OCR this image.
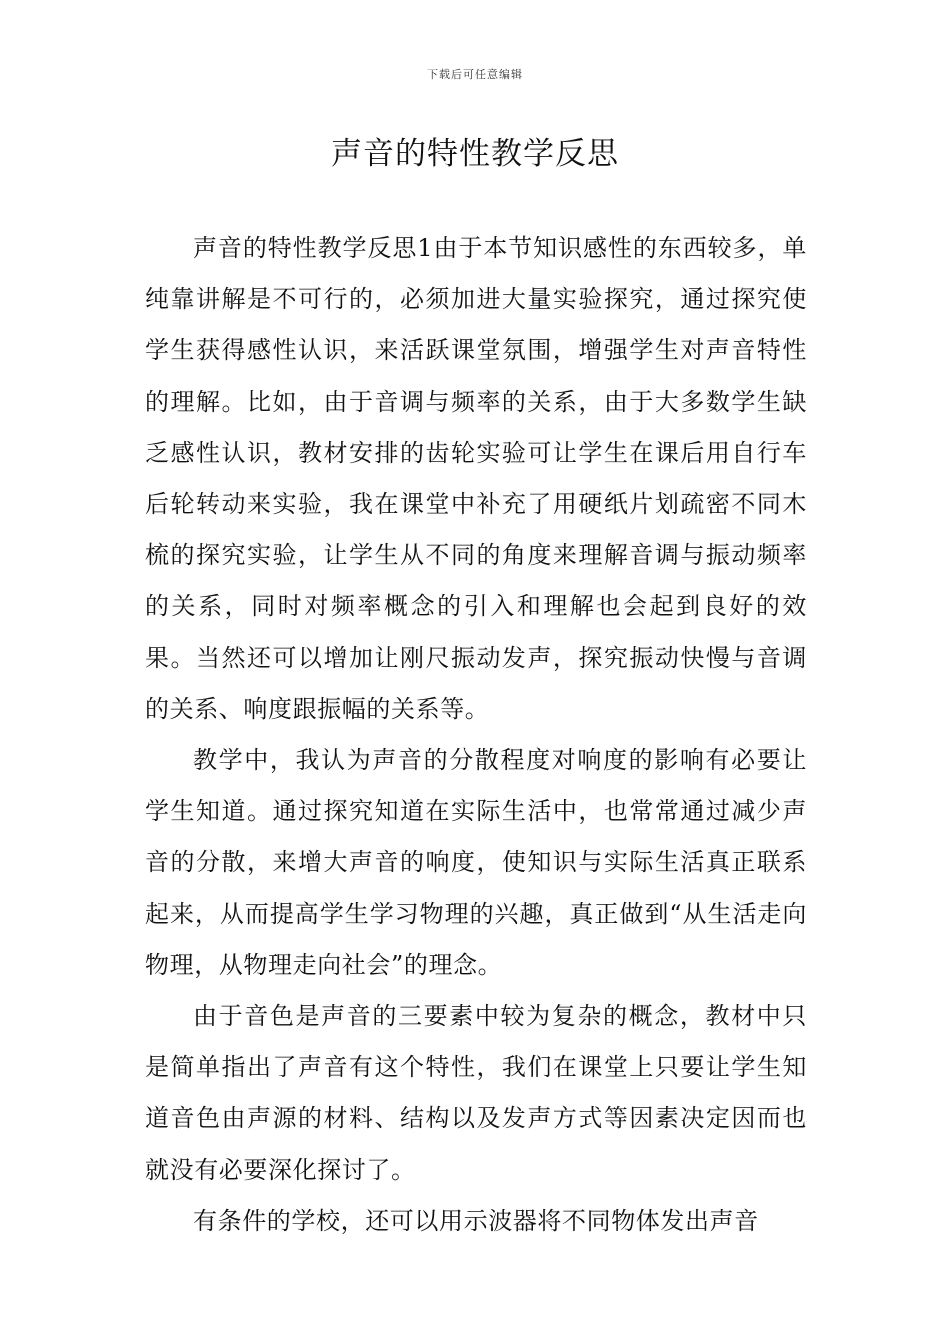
下载后可任意编辑
声音的特性教学反思

声音的特性教学反思1由于本节知识感性的东西较多，单纯靠讲解是不可行的，必须加进大量实验探究，通过探究使学生获得感性认识，来活跃课堂氛围，增强学生对声音特性的理解。比如，由于音调与频率的关系，由于大多数学生缺乏感性认识，教材安排的齿轮实验可让学生在课后用自行车后轮转动来实验，我在课堂中补充了用硬纸片划疏密不同木梳的探究实验，让学生从不同的角度来理解音调与振动频率的关系，同时对频率概念的引入和理解也会起到良好的效果。当然还可以增加让刚尺振动发声，探究振动快慢与音调的关系、响度跟振幅的关系等。

教学中，我认为声音的分散程度对响度的影响有必要让学生知道。通过探究知道在实际生活中，也常常通过减少声音的分散，来增大声音的响度，使知识与实际生活真正联系起来，从而提高学生学习物理的兴趣，真正做到“从生活走向物理，从物理走向社会”的理念。

由于音色是声音的三要素中较为复杂的概念，教材中只是简单指出了声音有这个特性，我们在课堂上只要让学生知道音色由声源的材料、结构以及发声方式等因素决定因而也就没有必要深化探讨了。

有条件的学校，还可以用示波器将不同物体发出声音
